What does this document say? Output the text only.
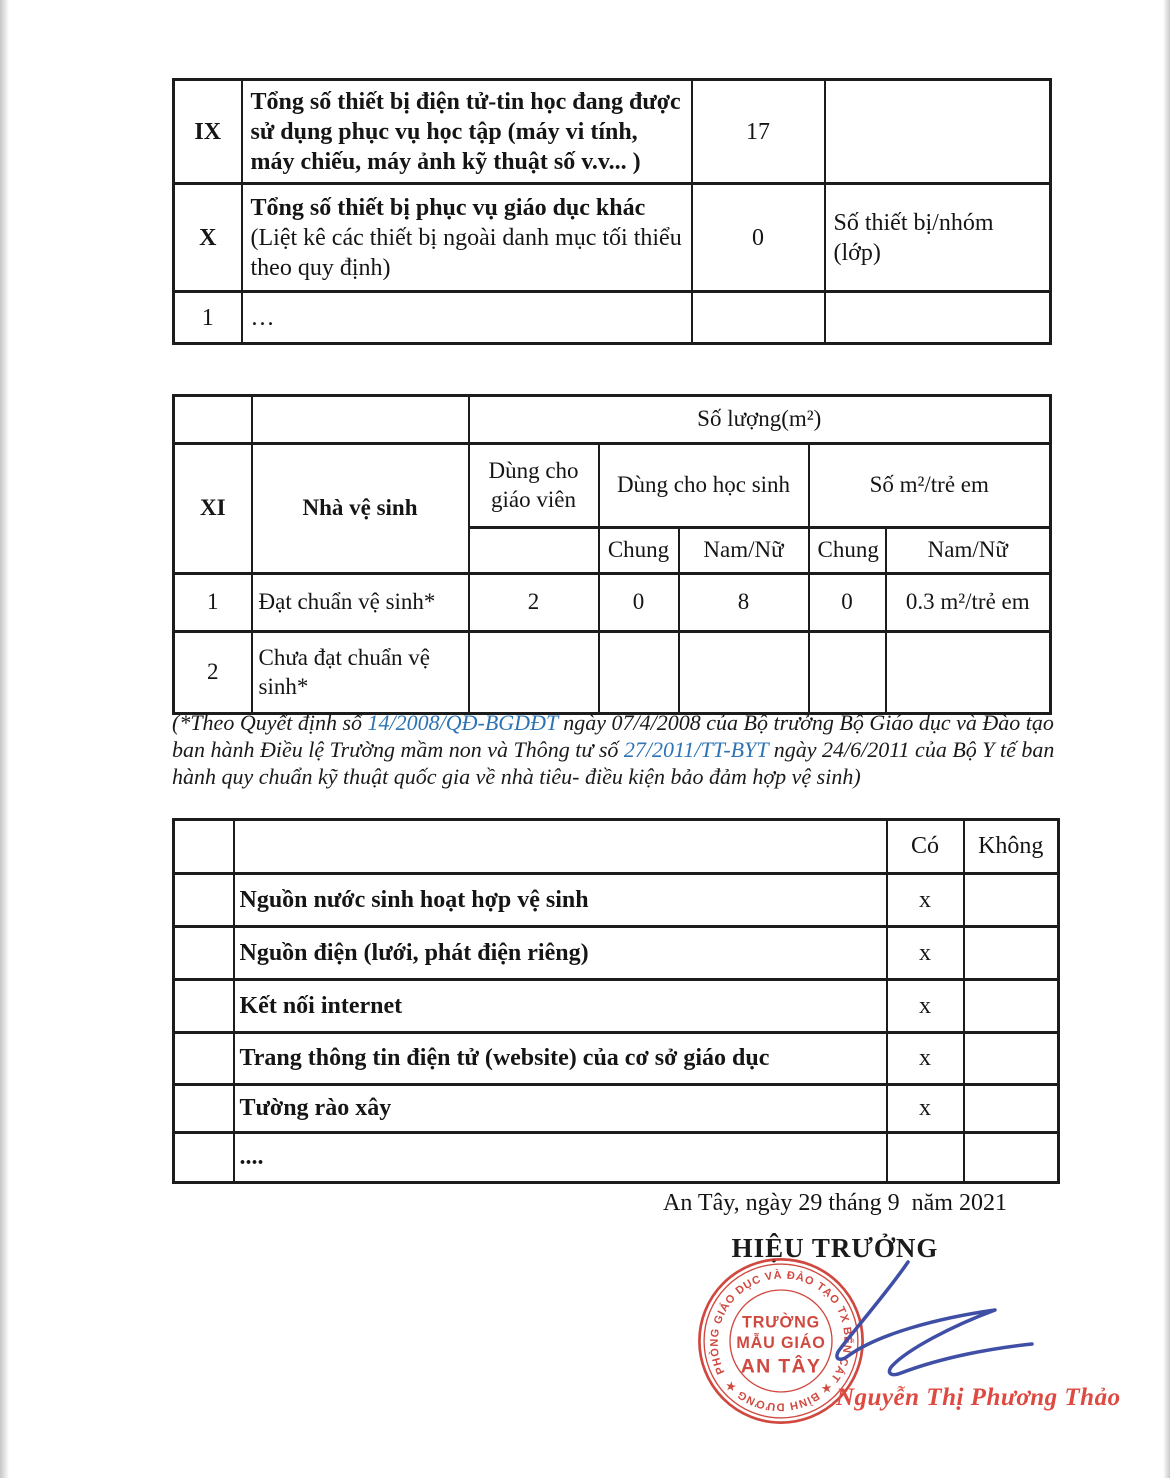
IX	Tổng số thiết bị điện tử-tin học đang được sử dụng phục vụ học tập (máy vi tính, máy chiếu, máy ảnh kỹ thuật số v.v... )	17	
X	Tổng số thiết bị phục vụ giáo dục khác (Liệt kê các thiết bị ngoài danh mục tối thiểu theo quy định)	0	Số thiết bị/nhóm (lớp)
1	…		
		Số lượng(m²)				
XI	Nhà vệ sinh	Dùng cho giáo viên	Dùng cho học sinh		Số m²/trẻ em	
			Chung	Nam/Nữ	Chung	Nam/Nữ
1	Đạt chuẩn vệ sinh*	2	0	8	0	0.3 m²/trẻ em
2	Chưa đạt chuẩn vệ sinh*					
(*Theo Quyết định số 14/2008/QĐ-BGDĐT ngày 07/4/2008 của Bộ trưởng Bộ Giáo dục và Đào tạo ban hành Điều lệ Trường mầm non và Thông tư số 27/2011/TT-BYT ngày 24/6/2011 của Bộ Y tế ban hành quy chuẩn kỹ thuật quốc gia về nhà tiêu- điều kiện bảo đảm hợp vệ sinh)
		Có	Không
	Nguồn nước sinh hoạt hợp vệ sinh	x	
	Nguồn điện (lưới, phát điện riêng)	x	
	Kết nối internet	x	
	Trang thông tin điện tử (website) của cơ sở giáo dục	x	
	Tường rào xây	x	
	....		
An Tây, ngày 29 tháng 9  năm 2021
HIỆU TRƯỞNG
PHÒNG GIÁO DỤC VÀ ĐÀO TẠO TX BẾN CÁT ★ BÌNH DƯƠNG ★
TRƯỜNG
MẪU GIÁO
AN TÂY
Nguyễn Thị Phương Thảo
